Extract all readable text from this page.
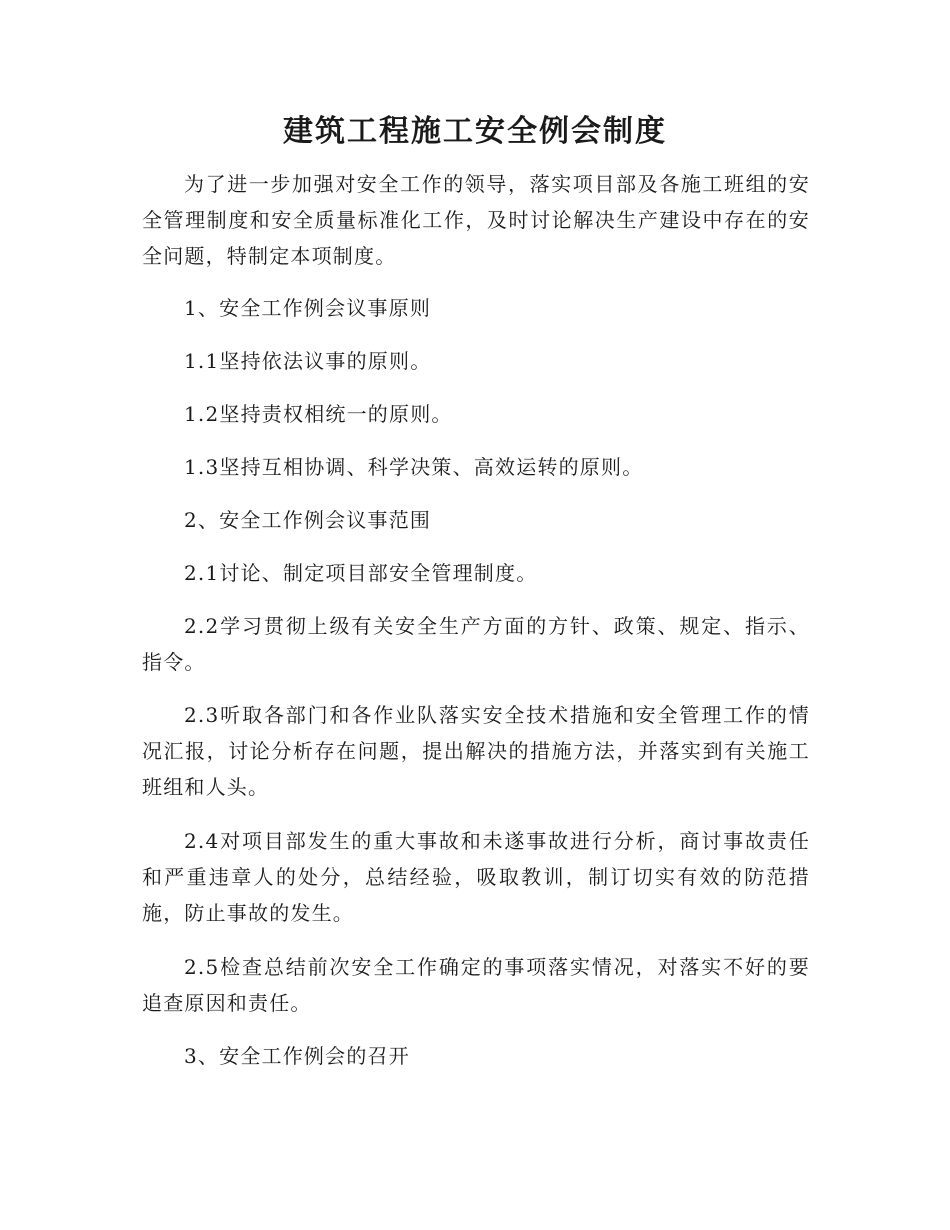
建筑工程施工安全例会制度

为了进一步加强对安全工作的领导，落实项目部及各施工班组的安全管理制度和安全质量标准化工作，及时讨论解决生产建设中存在的安全问题，特制定本项制度。

1、安全工作例会议事原则

1.1坚持依法议事的原则。

1.2坚持责权相统一的原则。

1.3坚持互相协调、科学决策、高效运转的原则。

2、安全工作例会议事范围

2.1讨论、制定项目部安全管理制度。

2.2学习贯彻上级有关安全生产方面的方针、政策、规定、指示、指令。

2.3听取各部门和各作业队落实安全技术措施和安全管理工作的情况汇报，讨论分析存在问题，提出解决的措施方法，并落实到有关施工班组和人头。

2.4对项目部发生的重大事故和未遂事故进行分析，商讨事故责任和严重违章人的处分，总结经验，吸取教训，制订切实有效的防范措施，防止事故的发生。

2.5检查总结前次安全工作确定的事项落实情况，对落实不好的要追查原因和责任。

3、安全工作例会的召开
